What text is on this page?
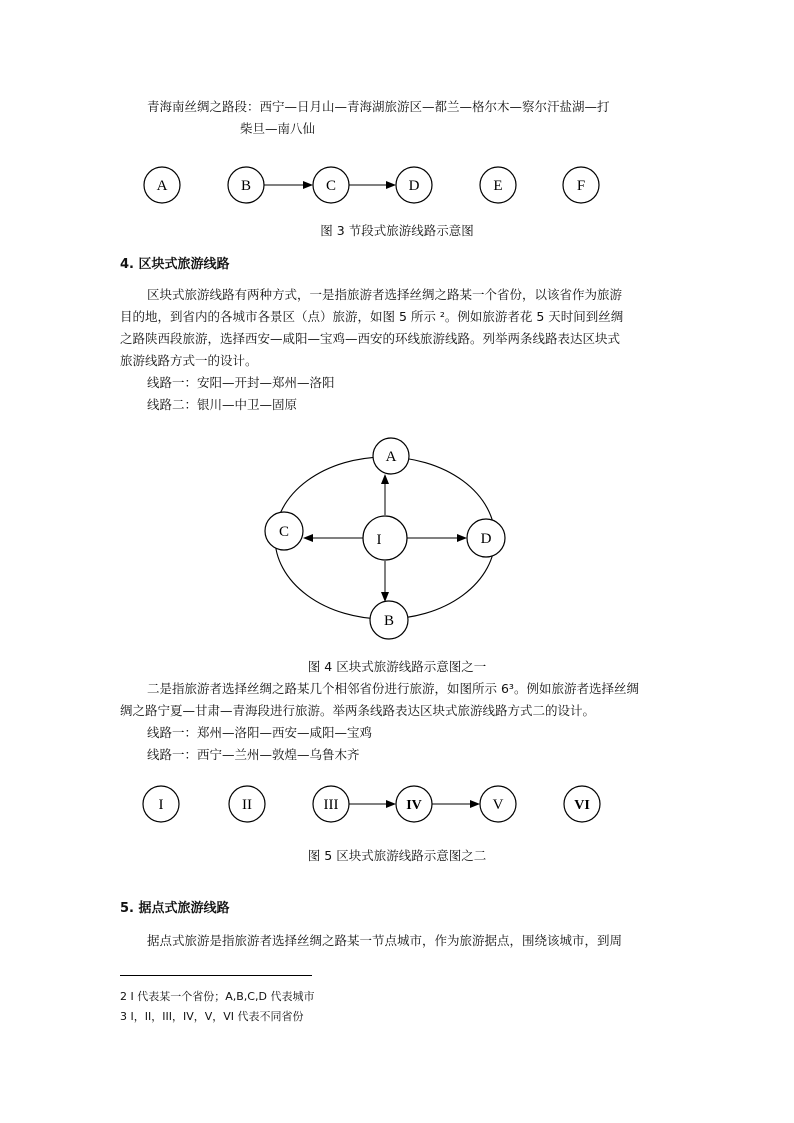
青海南丝绸之路段：西宁—日月山—青海湖旅游区—都兰—格尔木—察尔汗盐湖—打
柴旦—南八仙
A	B	C	D	E	F
图 3 节段式旅游线路示意图
4. 区块式旅游线路
区块式旅游线路有两种方式，一是指旅游者选择丝绸之路某一个省份，以该省作为旅游
目的地，到省内的各城市各景区（点）旅游，如图 5 所示 ²。例如旅游者花 5 天时间到丝绸
之路陕西段旅游，选择西安—咸阳—宝鸡—西安的环线旅游线路。列举两条线路表达区块式
旅游线路方式一的设计。
线路一：安阳—开封—郑州—洛阳
线路二：银川—中卫—固原
A
C	I	D
B
图 4 区块式旅游线路示意图之一
二是指旅游者选择丝绸之路某几个相邻省份进行旅游，如图所示 6³。例如旅游者选择丝绸
绸之路宁夏—甘肃—青海段进行旅游。举两条线路表达区块式旅游线路方式二的设计。
线路一：郑州—洛阳—西安—咸阳—宝鸡
线路一：西宁—兰州—敦煌—乌鲁木齐
I	II	III	IV	V	VI
图 5 区块式旅游线路示意图之二
5. 据点式旅游线路
据点式旅游是指旅游者选择丝绸之路某一节点城市，作为旅游据点，围绕该城市，到周
2 I 代表某一个省份；A,B,C,D 代表城市
3 I，II，III，IV，V，VI 代表不同省份
